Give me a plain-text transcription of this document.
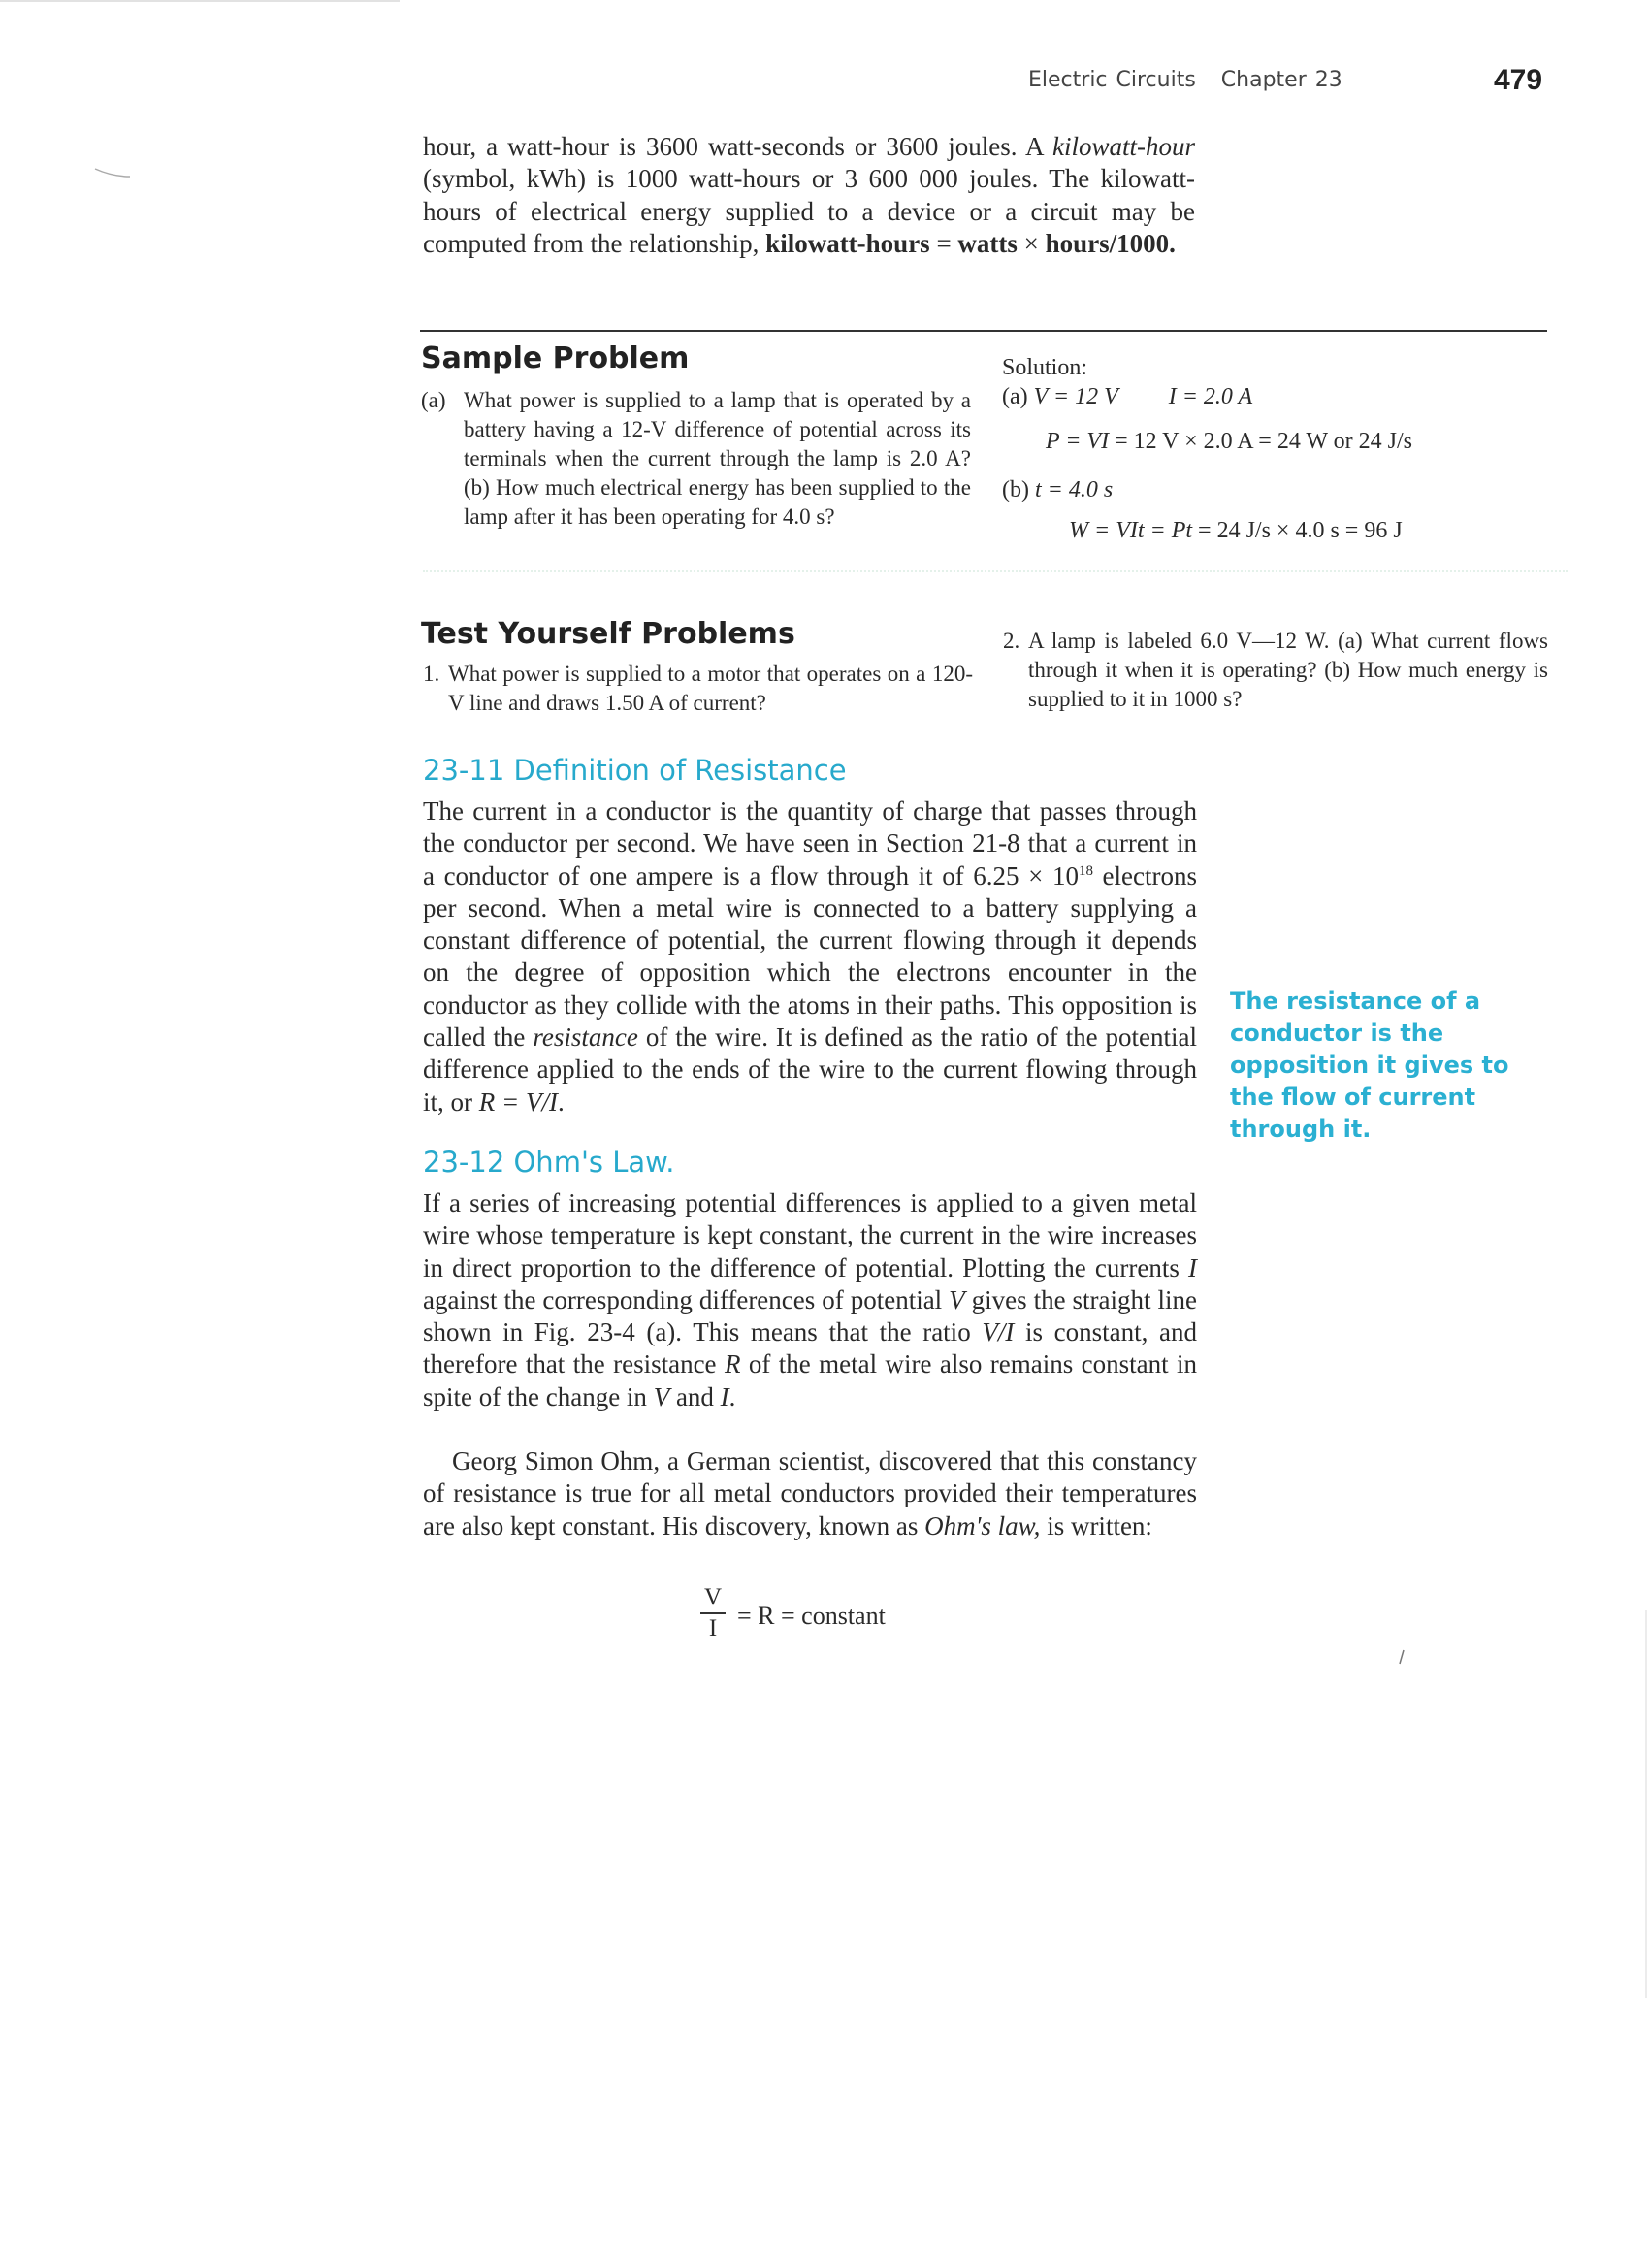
Electric Circuits Chapter 23	479
hour, a watt-hour is 3600 watt-seconds or 3600 joules. A kilowatt-hour (symbol, kWh) is 1000 watt-hours or 3 600 000 joules. The kilowatt-hours of electrical energy supplied to a device or a circuit may be computed from the relationship, kilowatt-hours = watts × hours/1000.
Sample Problem
(a) What power is supplied to a lamp that is operated by a battery having a 12-V difference of potential across its terminals when the current through the lamp is 2.0 A? (b) How much electrical energy has been supplied to the lamp after it has been operating for 4.0 s?
Solution:
(a) V = 12 V I = 2.0 A
P = VI = 12 V × 2.0 A = 24 W or 24 J/s
(b) t = 4.0 s
W = VIt = Pt = 24 J/s × 4.0 s = 96 J
Test Yourself Problems
1. What power is supplied to a motor that operates on a 120-V line and draws 1.50 A of current?
2. A lamp is labeled 6.0 V—12 W. (a) What current flows through it when it is operating? (b) How much energy is supplied to it in 1000 s?
23-11 Definition of Resistance
The current in a conductor is the quantity of charge that passes through the conductor per second. We have seen in Section 21-8 that a current in a conductor of one ampere is a flow through it of $6.25 \times 10^{18}$ electrons per second. When a metal wire is connected to a battery supplying a constant difference of potential, the current flowing through it depends on the degree of opposition which the electrons encounter in the conductor as they collide with the atoms in their paths. This opposition is called the resistance of the wire. It is defined as the ratio of the potential difference applied to the ends of the wire to the current flowing through it, or R = V/I.
The resistance of a conductor is the opposition it gives to the flow of current through it.
23-12 Ohm's Law.
If a series of increasing potential differences is applied to a given metal wire whose temperature is kept constant, the current in the wire increases in direct proportion to the difference of potential. Plotting the currents I against the corresponding differences of potential V gives the straight line shown in Fig. 23-4 (a). This means that the ratio V/I is constant, and therefore that the resistance R of the metal wire also remains constant in spite of the change in V and I.
Georg Simon Ohm, a German scientist, discovered that this constancy of resistance is true for all metal conductors provided their temperatures are also kept constant. His discovery, known as Ohm's law, is written:
$\frac{V}{I} = R$ = constant
